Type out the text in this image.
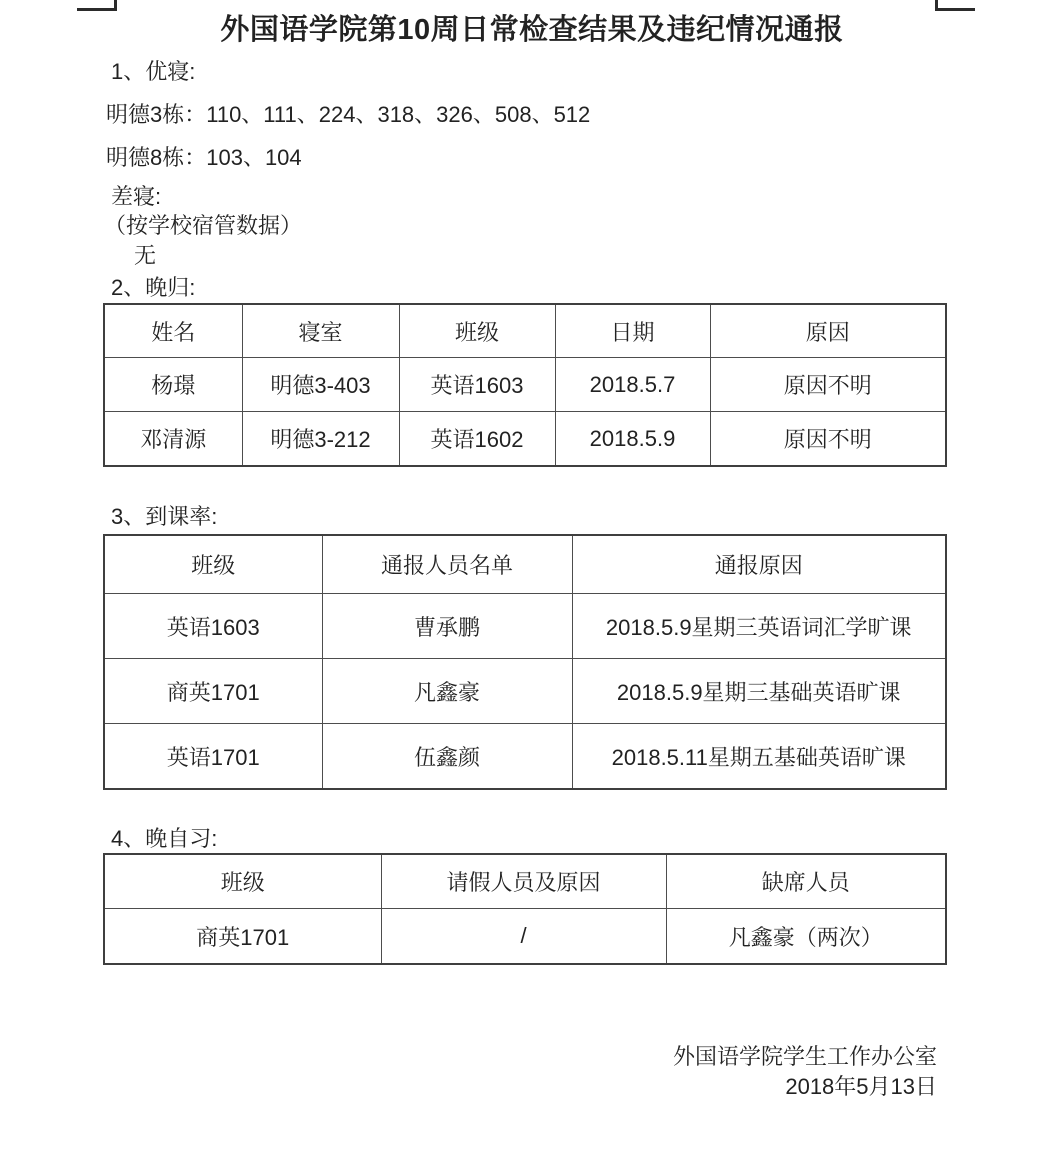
外国语学院第10周日常检查结果及违纪情况通报

1、优寝:

明德3栋：110、111、224、318、326、508、512

明德8栋：103、104

差寝:

（按学校宿管数据）

无

2、晚归:

姓名	寝室	班级	日期	原因
杨璟	明德3-403	英语1603	2018.5.7	原因不明
邓清源	明德3-212	英语1602	2018.5.9	原因不明

3、到课率:

班级	通报人员名单	通报原因
英语1603	曹承鹏	2018.5.9星期三英语词汇学旷课
商英1701	凡鑫豪	2018.5.9星期三基础英语旷课
英语1701	伍鑫颜	2018.5.11星期五基础英语旷课

4、晚自习:

班级	请假人员及原因	缺席人员
商英1701	/	凡鑫豪（两次）
外国语学院学生工作办公室
2018年5月13日
